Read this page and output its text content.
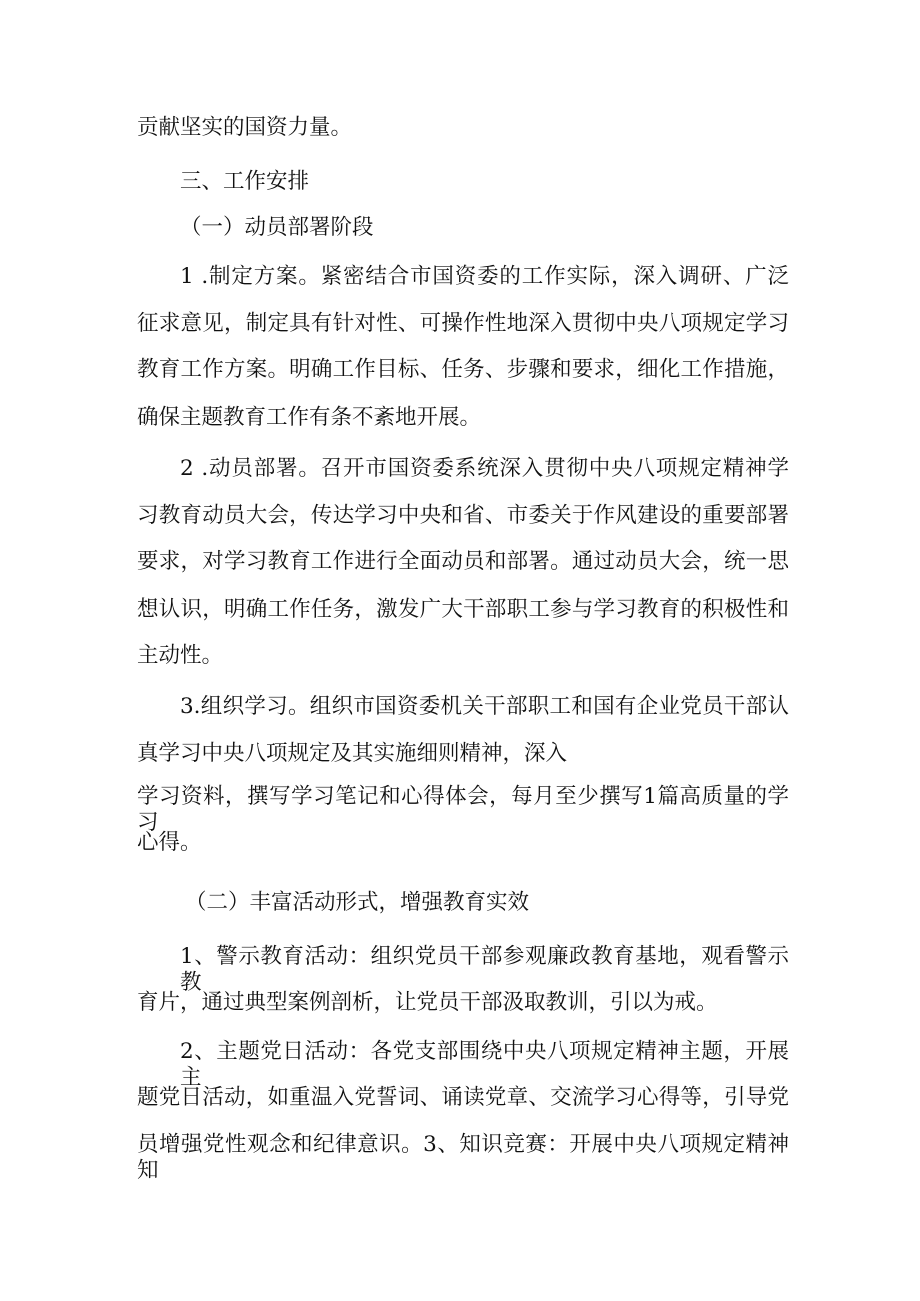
贡献坚实的国资力量。
三、工作安排
（一）动员部署阶段
1 .制定方案。紧密结合市国资委的工作实际，深入调研、广泛
征求意见，制定具有针对性、可操作性地深入贯彻中央八项规定学习
教育工作方案。明确工作目标、任务、步骤和要求，细化工作措施，
确保主题教育工作有条不紊地开展。
2 .动员部署。召开市国资委系统深入贯彻中央八项规定精神学
习教育动员大会，传达学习中央和省、市委关于作风建设的重要部署
要求，对学习教育工作进行全面动员和部署。通过动员大会，统一思
想认识，明确工作任务，激发广大干部职工参与学习教育的积极性和
主动性。
3.组织学习。组织市国资委机关干部职工和国有企业党员干部认
真学习中央八项规定及其实施细则精神，深入
学习资料，撰写学习笔记和心得体会，每月至少撰写1篇高质量的学习
心得。
（二）丰富活动形式，增强教育实效
1、警示教育活动：组织党员干部参观廉政教育基地，观看警示教
育片，通过典型案例剖析，让党员干部汲取教训，引以为戒。
2、主题党日活动：各党支部围绕中央八项规定精神主题，开展主
题党日活动，如重温入党誓词、诵读党章、交流学习心得等，引导党
员增强党性观念和纪律意识。3、知识竞赛：开展中央八项规定精神知
